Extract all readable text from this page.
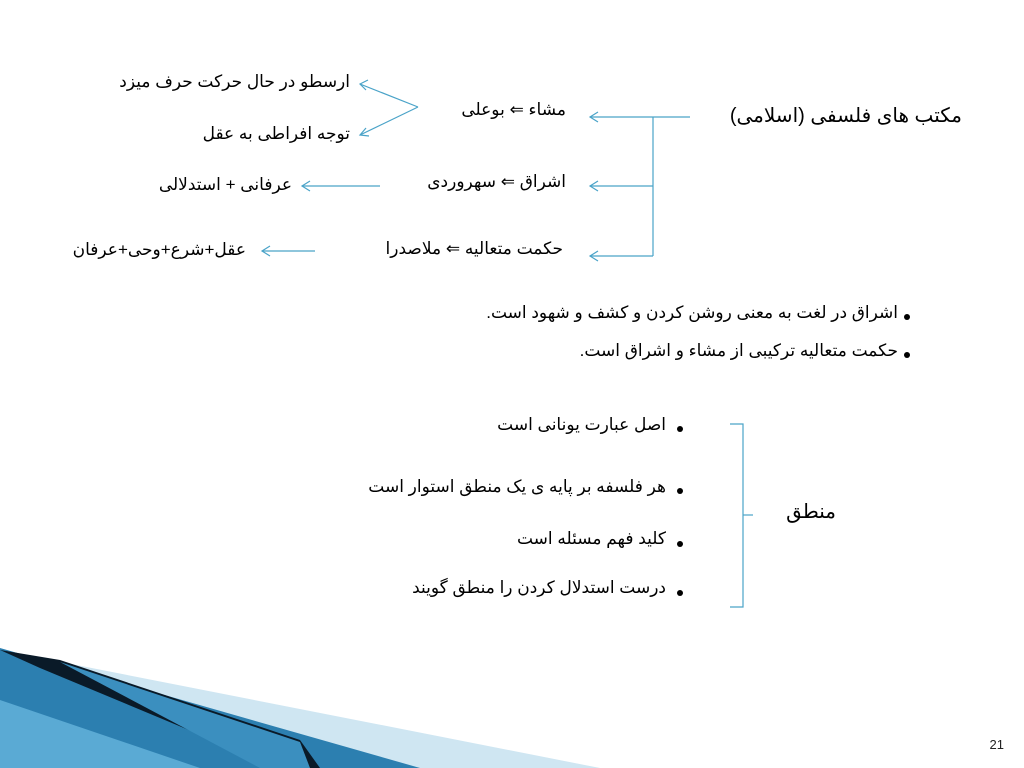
مکتب های فلسفی (اسلامی)
مشاء ⇐ بوعلی
اشراق ⇐ سهروردی
حکمت متعالیه ⇐ ملاصدرا
ارسطو در حال حرکت حرف میزد
توجه افراطی به عقل
عرفانی + استدلالی
عقل+شرع+وحی+عرفان
اشراق در لغت به معنی روشن کردن و کشف و شهود است.
حکمت متعالیه ترکیبی از مشاء و اشراق است.
اصل عبارت یونانی است
هر فلسفه بر پایه ی یک منطق استوار است
کلید فهم مسئله است
درست استدلال کردن را منطق گویند
منطق
21
